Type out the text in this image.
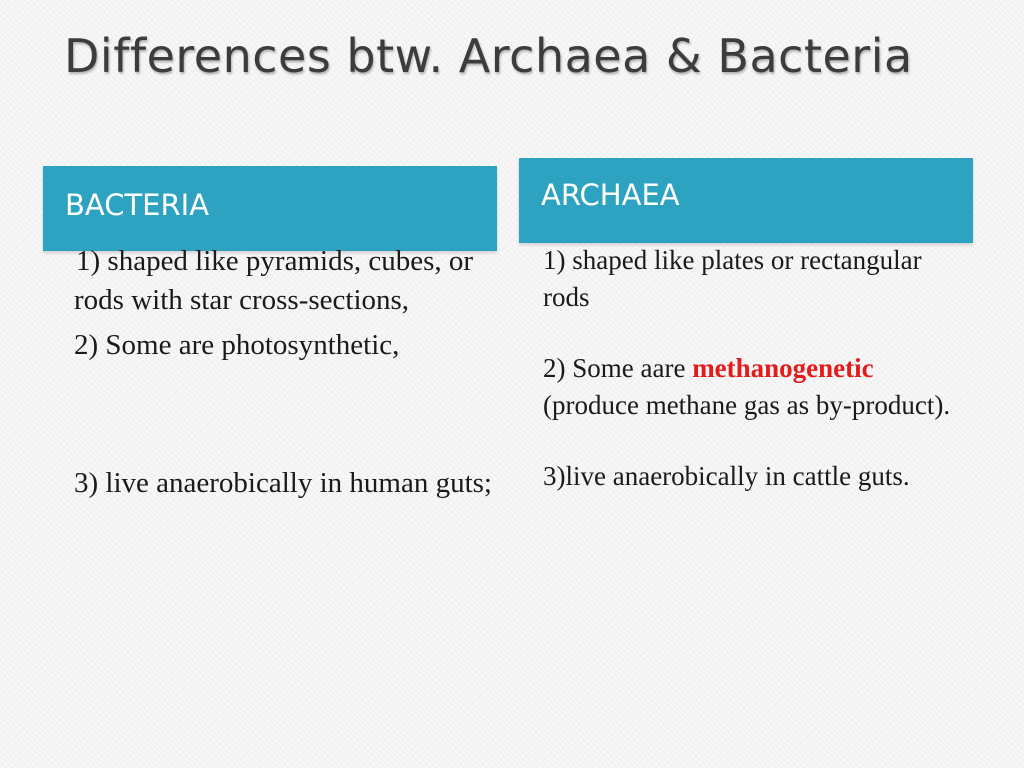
Differences btw. Archaea & Bacteria
BACTERIA	ARCHAEA

1) shaped like pyramids, cubes, or rods with star cross-sections,

2) Some are photosynthetic,

3) live anaerobically in human guts;

1) shaped like plates or rectangular rods

2) Some aare methanogenetic (produce methane gas as by-product).

3)live anaerobically in cattle guts.
